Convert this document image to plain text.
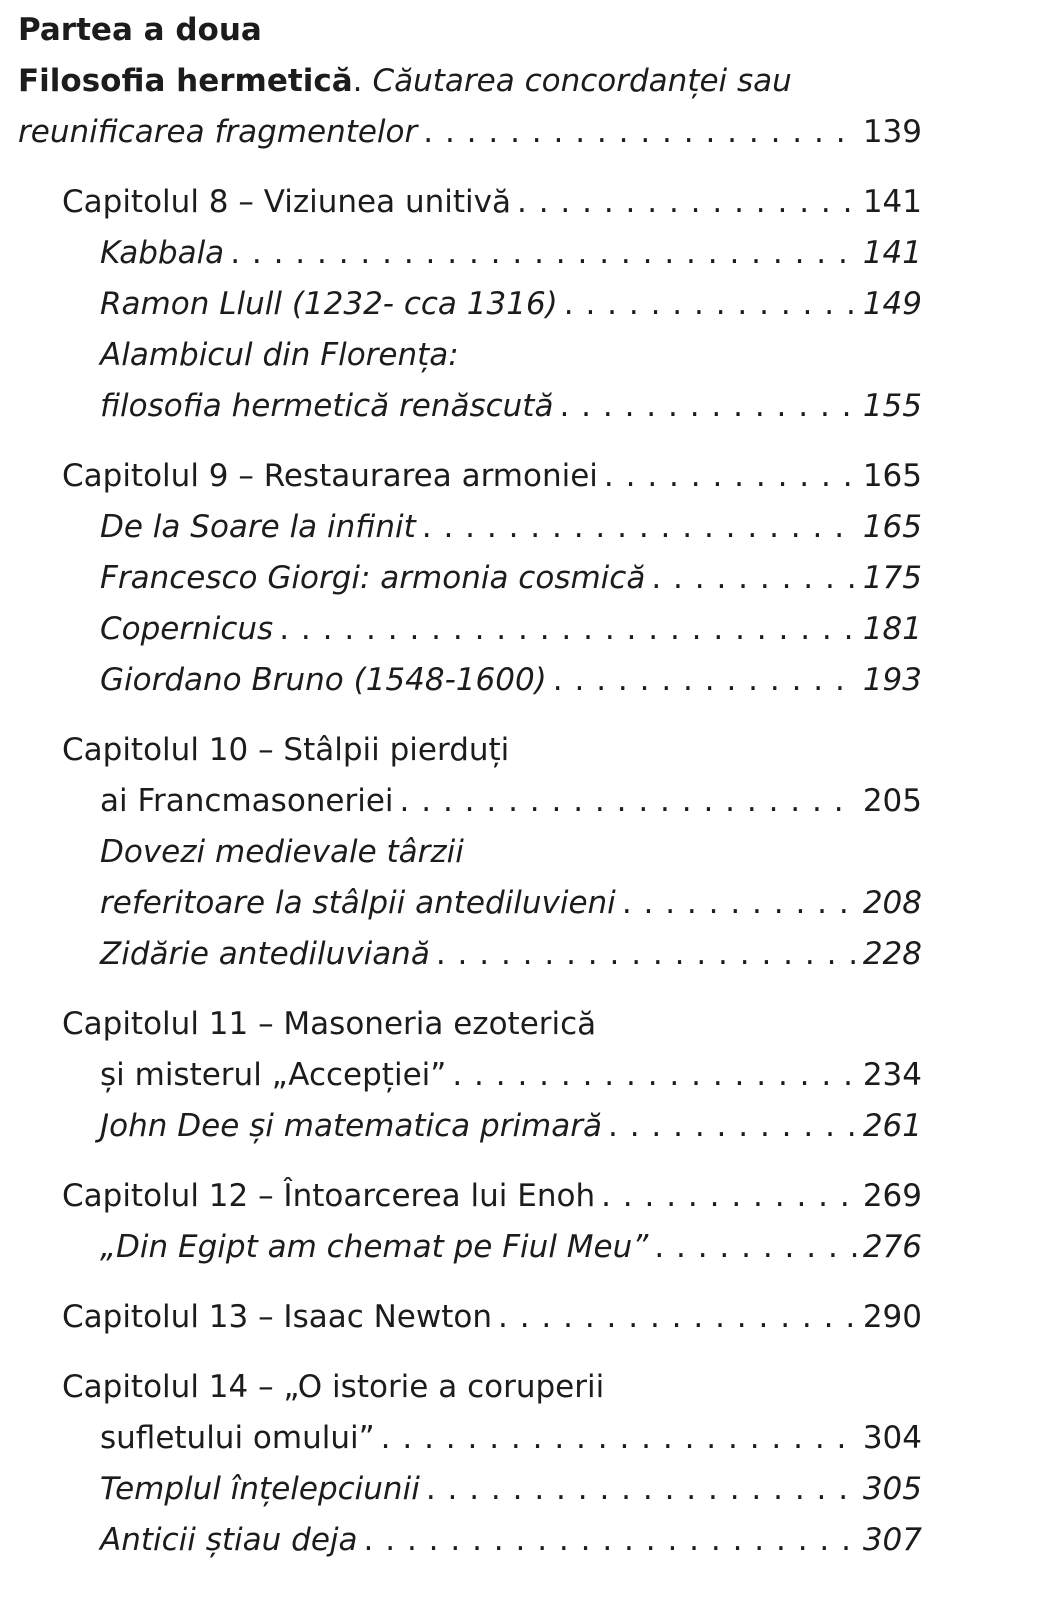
Partea a doua
Filosofia hermetică . Căutarea concordanței sau
reunificarea fragmentelor . . .	139
Capitolul 8 – Viziunea unitivă . . .	141
Kabbala . . .	141
Ramon Llull (1232- cca 1316) . . .	149
Alambicul din Florența:
filosofia hermetică renăscută . . .	155
Capitolul 9 – Restaurarea armoniei . . .	165
De la Soare la infinit . . .	165
Francesco Giorgi: armonia cosmică . . .	175
Copernicus . . .	181
Giordano Bruno (1548-1600) . . .	193
Capitolul 10 – Stâlpii pierduți
ai Francmasoneriei . . .	205
Dovezi medievale târzii
referitoare la stâlpii antediluvieni . . .	208
Zidărie antediluviană . . .	228
Capitolul 11 – Masoneria ezoterică
și misterul „Accepției” . . .	234
John Dee și matematica primară . . .	261
Capitolul 12 – Întoarcerea lui Enoh . . .	269
„Din Egipt am chemat pe Fiul Meu” . . .	276
Capitolul 13 – Isaac Newton . . .	290
Capitolul 14 – „O istorie a coruperii
sufletului omului” . . .	304
Templul înțelepciunii . . .	305
Anticii știau deja . . .	307
